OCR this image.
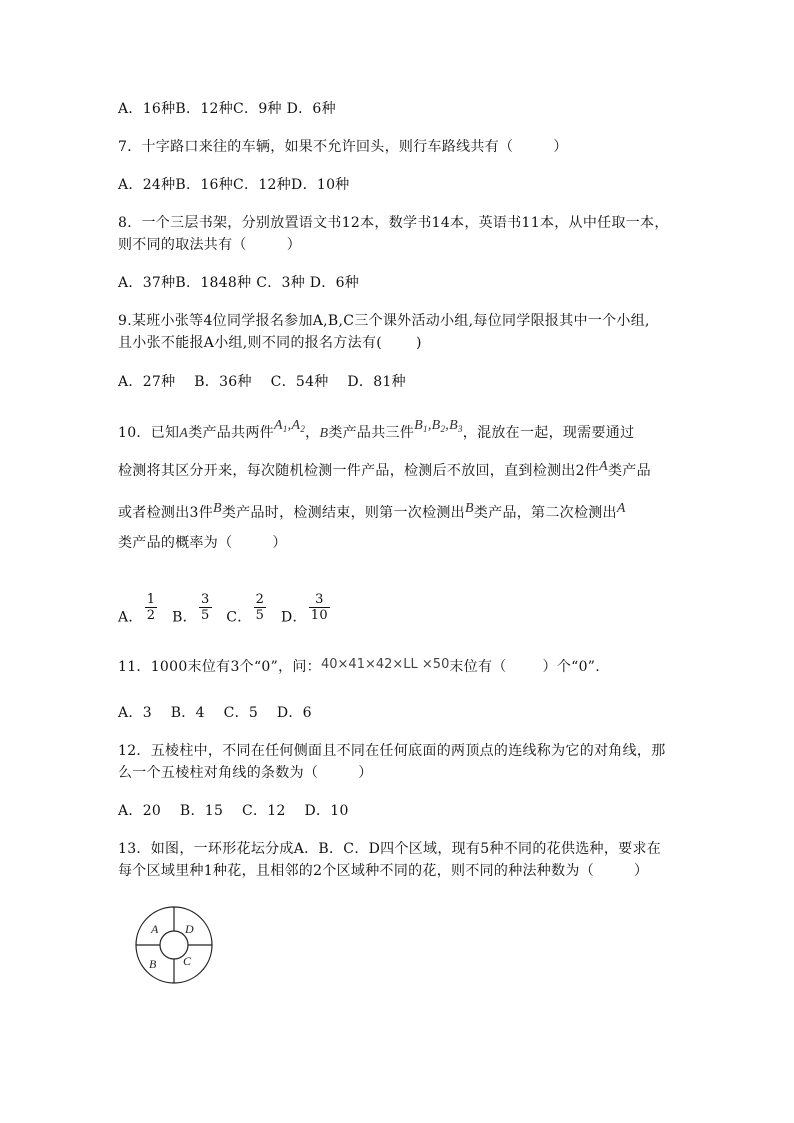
A．16种B．12种C．9种 D．6种
7．十字路口来往的车辆，如果不允许回头，则行车路线共有（	）
A．24种B．16种C．12种D．10种
8．一个三层书架，分别放置语文书12本，数学书14本，英语书11本，从中任取一本，
则不同的取法共有（	）
A．37种B．1848种 C．3种 D．6种
9.某班小张等4位同学报名参加A,B,C三个课外活动小组,每位同学限报其中一个小组,
且小张不能报A小组,则不同的报名方法有( )
A．27种 B．36种 C．54种 D．81种
10．已知A类产品共两件$A_1,A_2$，B类产品共三件$B_1,B_2,B_3$，混放在一起，现需要通过
检测将其区分开来，每次随机检测一件产品，检测后不放回，直到检测出2件A类产品
或者检测出3件B类产品时，检测结束，则第一次检测出B类产品，第二次检测出A
类产品的概率为（	）
A． $\frac{1}{2}$ B． $\frac{3}{5}$ C． $\frac{2}{5}$ D． $\frac{3}{10}$
11．1000末位有3个“0”，问：40×41×42×LL ×50末位有（	）个“0”.
A．3 B．4 C．5 D．6
12．五棱柱中，不同在任何侧面且不同在任何底面的两顶点的连线称为它的对角线，那
么一个五棱柱对角线的条数为（	）
A．20 B．15 C．12 D．10
13．如图，一环形花坛分成A．B．C．D四个区域，现有5种不同的花供选种，要求在
每个区域里种1种花，且相邻的2个区域种不同的花，则不同的种法种数为（	）
A D
B C
